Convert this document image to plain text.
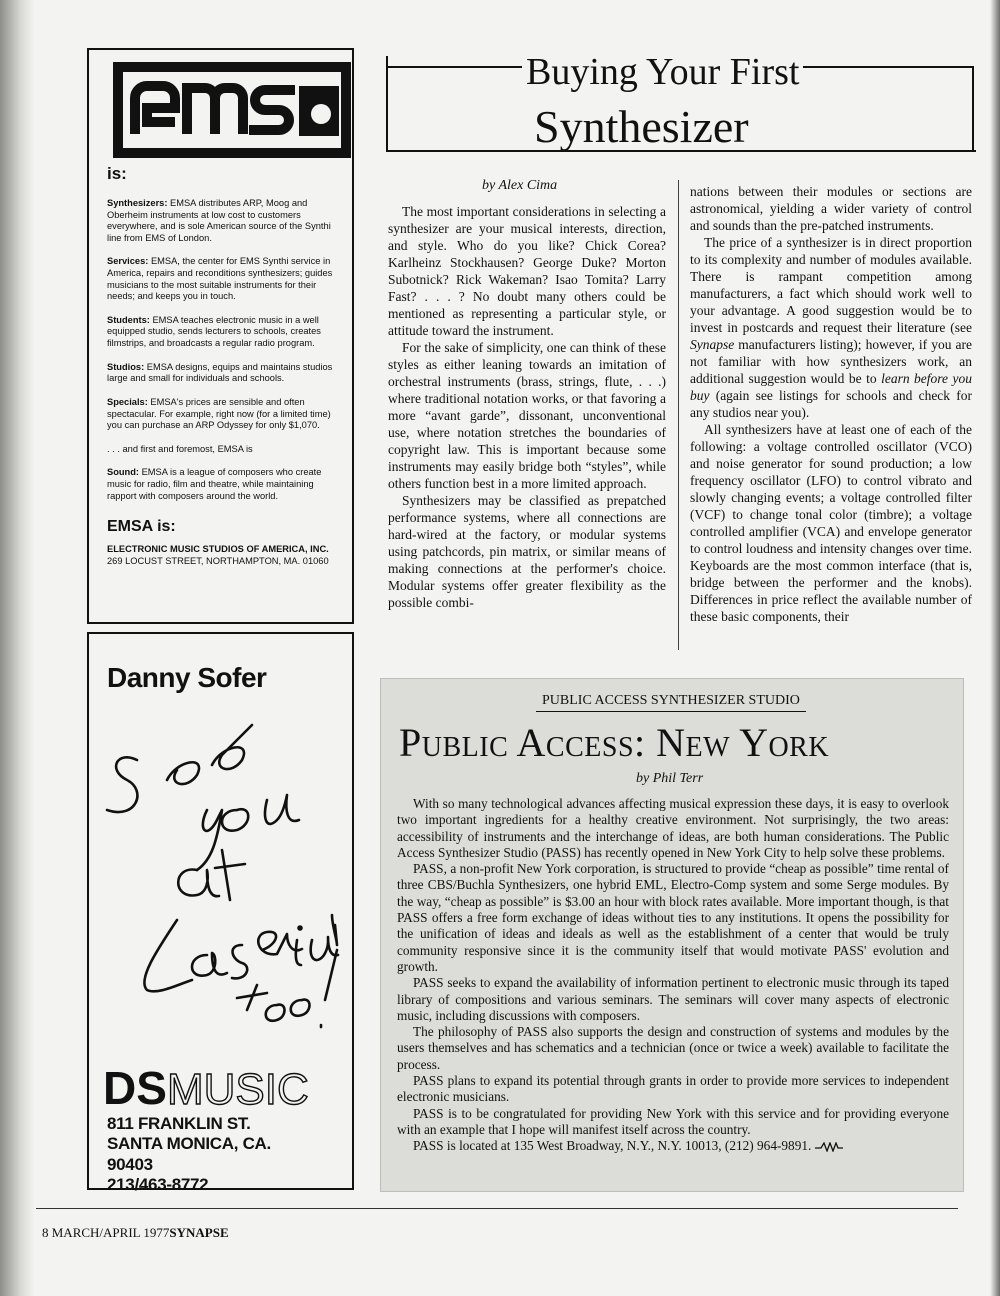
is:

Synthesizers: EMSA distributes ARP, Moog and Oberheim instruments at low cost to customers everywhere, and is sole American source of the Synthi line from EMS of London.

Services: EMSA, the center for EMS Synthi service in America, repairs and reconditions synthesizers; guides musicians to the most suitable instruments for their needs; and keeps you in touch.

Students: EMSA teaches electronic music in a well equipped studio, sends lecturers to schools, creates filmstrips, and broadcasts a regular radio program.

Studios: EMSA designs, equips and maintains studios large and small for individuals and schools.

Specials: EMSA's prices are sensible and often spectacular. For example, right now (for a limited time) you can purchase an ARP Odyssey for only $1,070.

. . . and first and foremost, EMSA is

Sound: EMSA is a league of composers who create music for radio, film and theatre, while maintaining rapport with composers around the world.

EMSA is:
ELECTRONIC MUSIC STUDIOS OF AMERICA, INC.
269 LOCUST STREET, NORTHAMPTON, MA. 01060
Danny Sofer
See you at Laserium, too!
DS MUSIC
811 FRANKLIN ST.
SANTA MONICA, CA.
90403
213/463-8772
Buying Your First
Synthesizer
by Alex Cima

The most important considerations in selecting a synthesizer are your musical interests, direction, and style. Who do you like? Chick Corea? Karlheinz Stockhausen? George Duke? Morton Subotnick? Rick Wakeman? Isao Tomita? Larry Fast? . . . ? No doubt many others could be mentioned as representing a particular style, or attitude toward the instrument.

For the sake of simplicity, one can think of these styles as either leaning towards an imitation of orchestral instruments (brass, strings, flute, . . .) where traditional notation works, or that favoring a more “avant garde”, dissonant, unconventional use, where notation stretches the boundaries of copyright law. This is important because some instruments may easily bridge both “styles”, while others function best in a more limited approach.

Synthesizers may be classified as prepatched performance systems, where all connections are hard-wired at the factory, or modular systems using patchcords, pin matrix, or similar means of making connections at the performer's choice. Modular systems offer greater flexibility as the possible combi-

nations between their modules or sections are astronomical, yielding a wider variety of control and sounds than the pre-patched instruments.

The price of a synthesizer is in direct proportion to its complexity and number of modules available. There is rampant competition among manufacturers, a fact which should work well to your advantage. A good suggestion would be to invest in postcards and request their literature (see Synapse manufacturers listing); however, if you are not familiar with how synthesizers work, an additional suggestion would be to learn before you buy (again see listings for schools and check for any studios near you).

All synthesizers have at least one of each of the following: a voltage controlled oscillator (VCO) and noise generator for sound production; a low frequency oscillator (LFO) to control vibrato and slowly changing events; a voltage controlled filter (VCF) to change tonal color (timbre); a voltage controlled amplifier (VCA) and envelope generator to control loudness and intensity changes over time. Keyboards are the most common interface (that is, bridge between the performer and the knobs). Differences in price reflect the available number of these basic components, their

PUBLIC ACCESS SYNTHESIZER STUDIO
Public Access: New York
by Phil Terr

With so many technological advances affecting musical expression these days, it is easy to overlook two important ingredients for a healthy creative environment. Not surprisingly, the two areas: accessibility of instruments and the interchange of ideas, are both human considerations. The Public Access Synthesizer Studio (PASS) has recently opened in New York City to help solve these problems.

PASS, a non-profit New York corporation, is structured to provide “cheap as possible” time rental of three CBS/Buchla Synthesizers, one hybrid EML, Electro-Comp system and some Serge modules. By the way, “cheap as possible” is $3.00 an hour with block rates available. More important though, is that PASS offers a free form exchange of ideas without ties to any institutions. It opens the possibility for the unification of ideas and ideals as well as the establishment of a center that would be truly community responsive since it is the community itself that would motivate PASS' evolution and growth.

PASS seeks to expand the availability of information pertinent to electronic music through its taped library of compositions and various seminars. The seminars will cover many aspects of electronic music, including discussions with composers.

The philosophy of PASS also supports the design and construction of systems and modules by the users themselves and has schematics and a technician (once or twice a week) available to facilitate the process.

PASS plans to expand its potential through grants in order to provide more services to independent electronic musicians.

PASS is to be congratulated for providing New York with this service and for providing everyone with an example that I hope will manifest itself across the country.

PASS is located at 135 West Broadway, N.Y., N.Y. 10013, (212) 964-9891.

8 MARCH/APRIL 1977SYNAPSE
